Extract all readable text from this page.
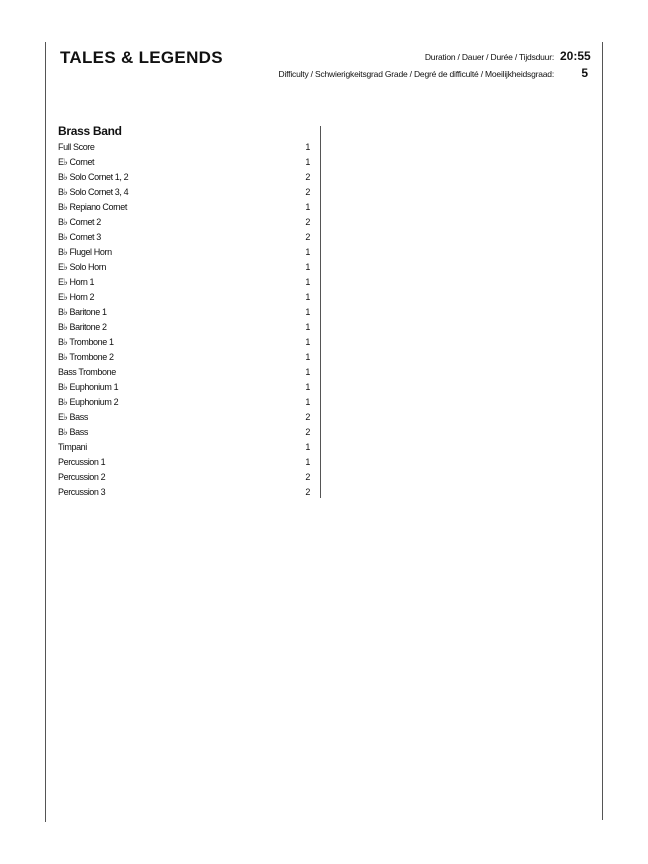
TALES & LEGENDS	Duration / Dauer / Durée / Tijdsduur: 20:55
Difficulty / Schwierigkeitsgrad Grade / Degré de difficulté / Moeilijkheidsgraad:	5
Brass Band
Full Score	1
E♭ Cornet	1
B♭ Solo Cornet 1, 2	2
B♭ Solo Cornet 3, 4	2
B♭ Repiano Cornet	1
B♭ Cornet 2	2
B♭ Cornet 3	2
B♭ Flugel Horn	1
E♭ Solo Horn	1
E♭ Horn 1	1
E♭ Horn 2	1
B♭ Baritone 1	1
B♭ Baritone 2	1
B♭ Trombone 1	1
B♭ Trombone 2	1
Bass Trombone	1
B♭ Euphonium 1	1
B♭ Euphonium 2	1
E♭ Bass	2
B♭ Bass	2
Timpani	1
Percussion 1	1
Percussion 2	2
Percussion 3	2
